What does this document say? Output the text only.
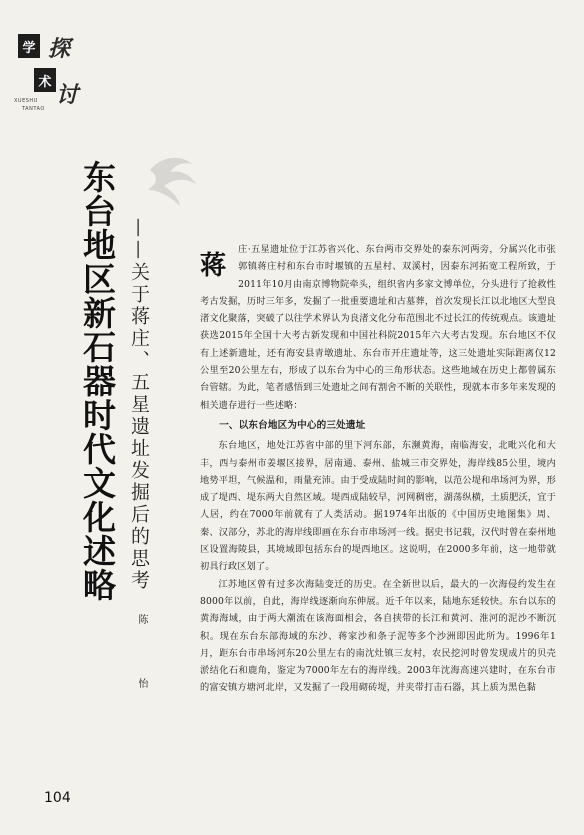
学
术
探
讨
XUESHU
TANTAO
东台地区新石器时代文化述略 ——关于蒋庄、五星遗址发掘后的思考
陈　怡

蒋
庄·五星遗址位于江苏省兴化、东台两市交界处的泰东河两旁，分属兴化市张郭镇蒋庄村和东台市时堰镇的五星村、双溪村，因泰东河拓宽工程所致，于2011年10月由南京博物院牵头，组织省内多家文博单位，分头进行了抢救性考古发掘，历时三年多，发掘了一批重要遗址和古墓葬，首次发现长江以北地区大型良渚文化聚落，突破了以往学术界认为良渚文化分布范围北不过长江的传统观点。该遗址获选2015年全国十大考古新发现和中国社科院2015年六大考古发现。东台地区不仅有上述新遗址，还有海安县青墩遗址、东台市开庄遗址等，这三处遗址实际距离仅12公里至20公里左右，形成了以东台为中心的三角形状态。这些地域在历史上都曾属东台管辖。为此，笔者感悟到三处遗址之间有割舍不断的关联性，现就本市多年来发现的相关遗存进行一些述略：

一、以东台地区为中心的三处遗址

东台地区，地处江苏省中部的里下河东部，东濒黄海，南临海安，北毗兴化和大丰，西与泰州市姜堰区接界，居南通、泰州、盐城三市交界处，海岸线85公里，境内地势平坦，气候温和，雨量充沛。由于受成陆时间的影响，以范公堤和串场河为界，形成了堤西、堤东两大自然区域。堤西成陆较早，河网稠密，湖荡纵横，土质肥沃，宜于人居，约在7000年前就有了人类活动。据1974年出版的《中国历史地图集》周、秦、汉部分，苏北的海岸线即画在东台市串场河一线。据史书记载，汉代时曾在泰州地区设置海陵县，其境域即包括东台的堤西地区。这说明，在2000多年前，这一地带就初具行政区划了。

江苏地区曾有过多次海陆变迁的历史。在全新世以后，最大的一次海侵约发生在8000年以前，自此，海岸线逐渐向东伸展。近千年以来，陆地东延较快。东台以东的黄海海域，由于两大潮流在该海面相会，各自挟带的长江和黄河、淮河的泥沙不断沉积。现在东台东部海域的东沙、蒋家沙和条子泥等多个沙洲即因此所为。1996年1月，距东台市串场河东20公里左右的南沈灶镇三友村，农民挖河时曾发现成片的贝壳淤结化石和鹿角，鉴定为7000年左右的海岸线。2003年沈海高速兴建时，在东台市的富安镇方塘河北岸，又发掘了一段用砌砖堤，并夹带打击石器，其上质为黑色黏

104
